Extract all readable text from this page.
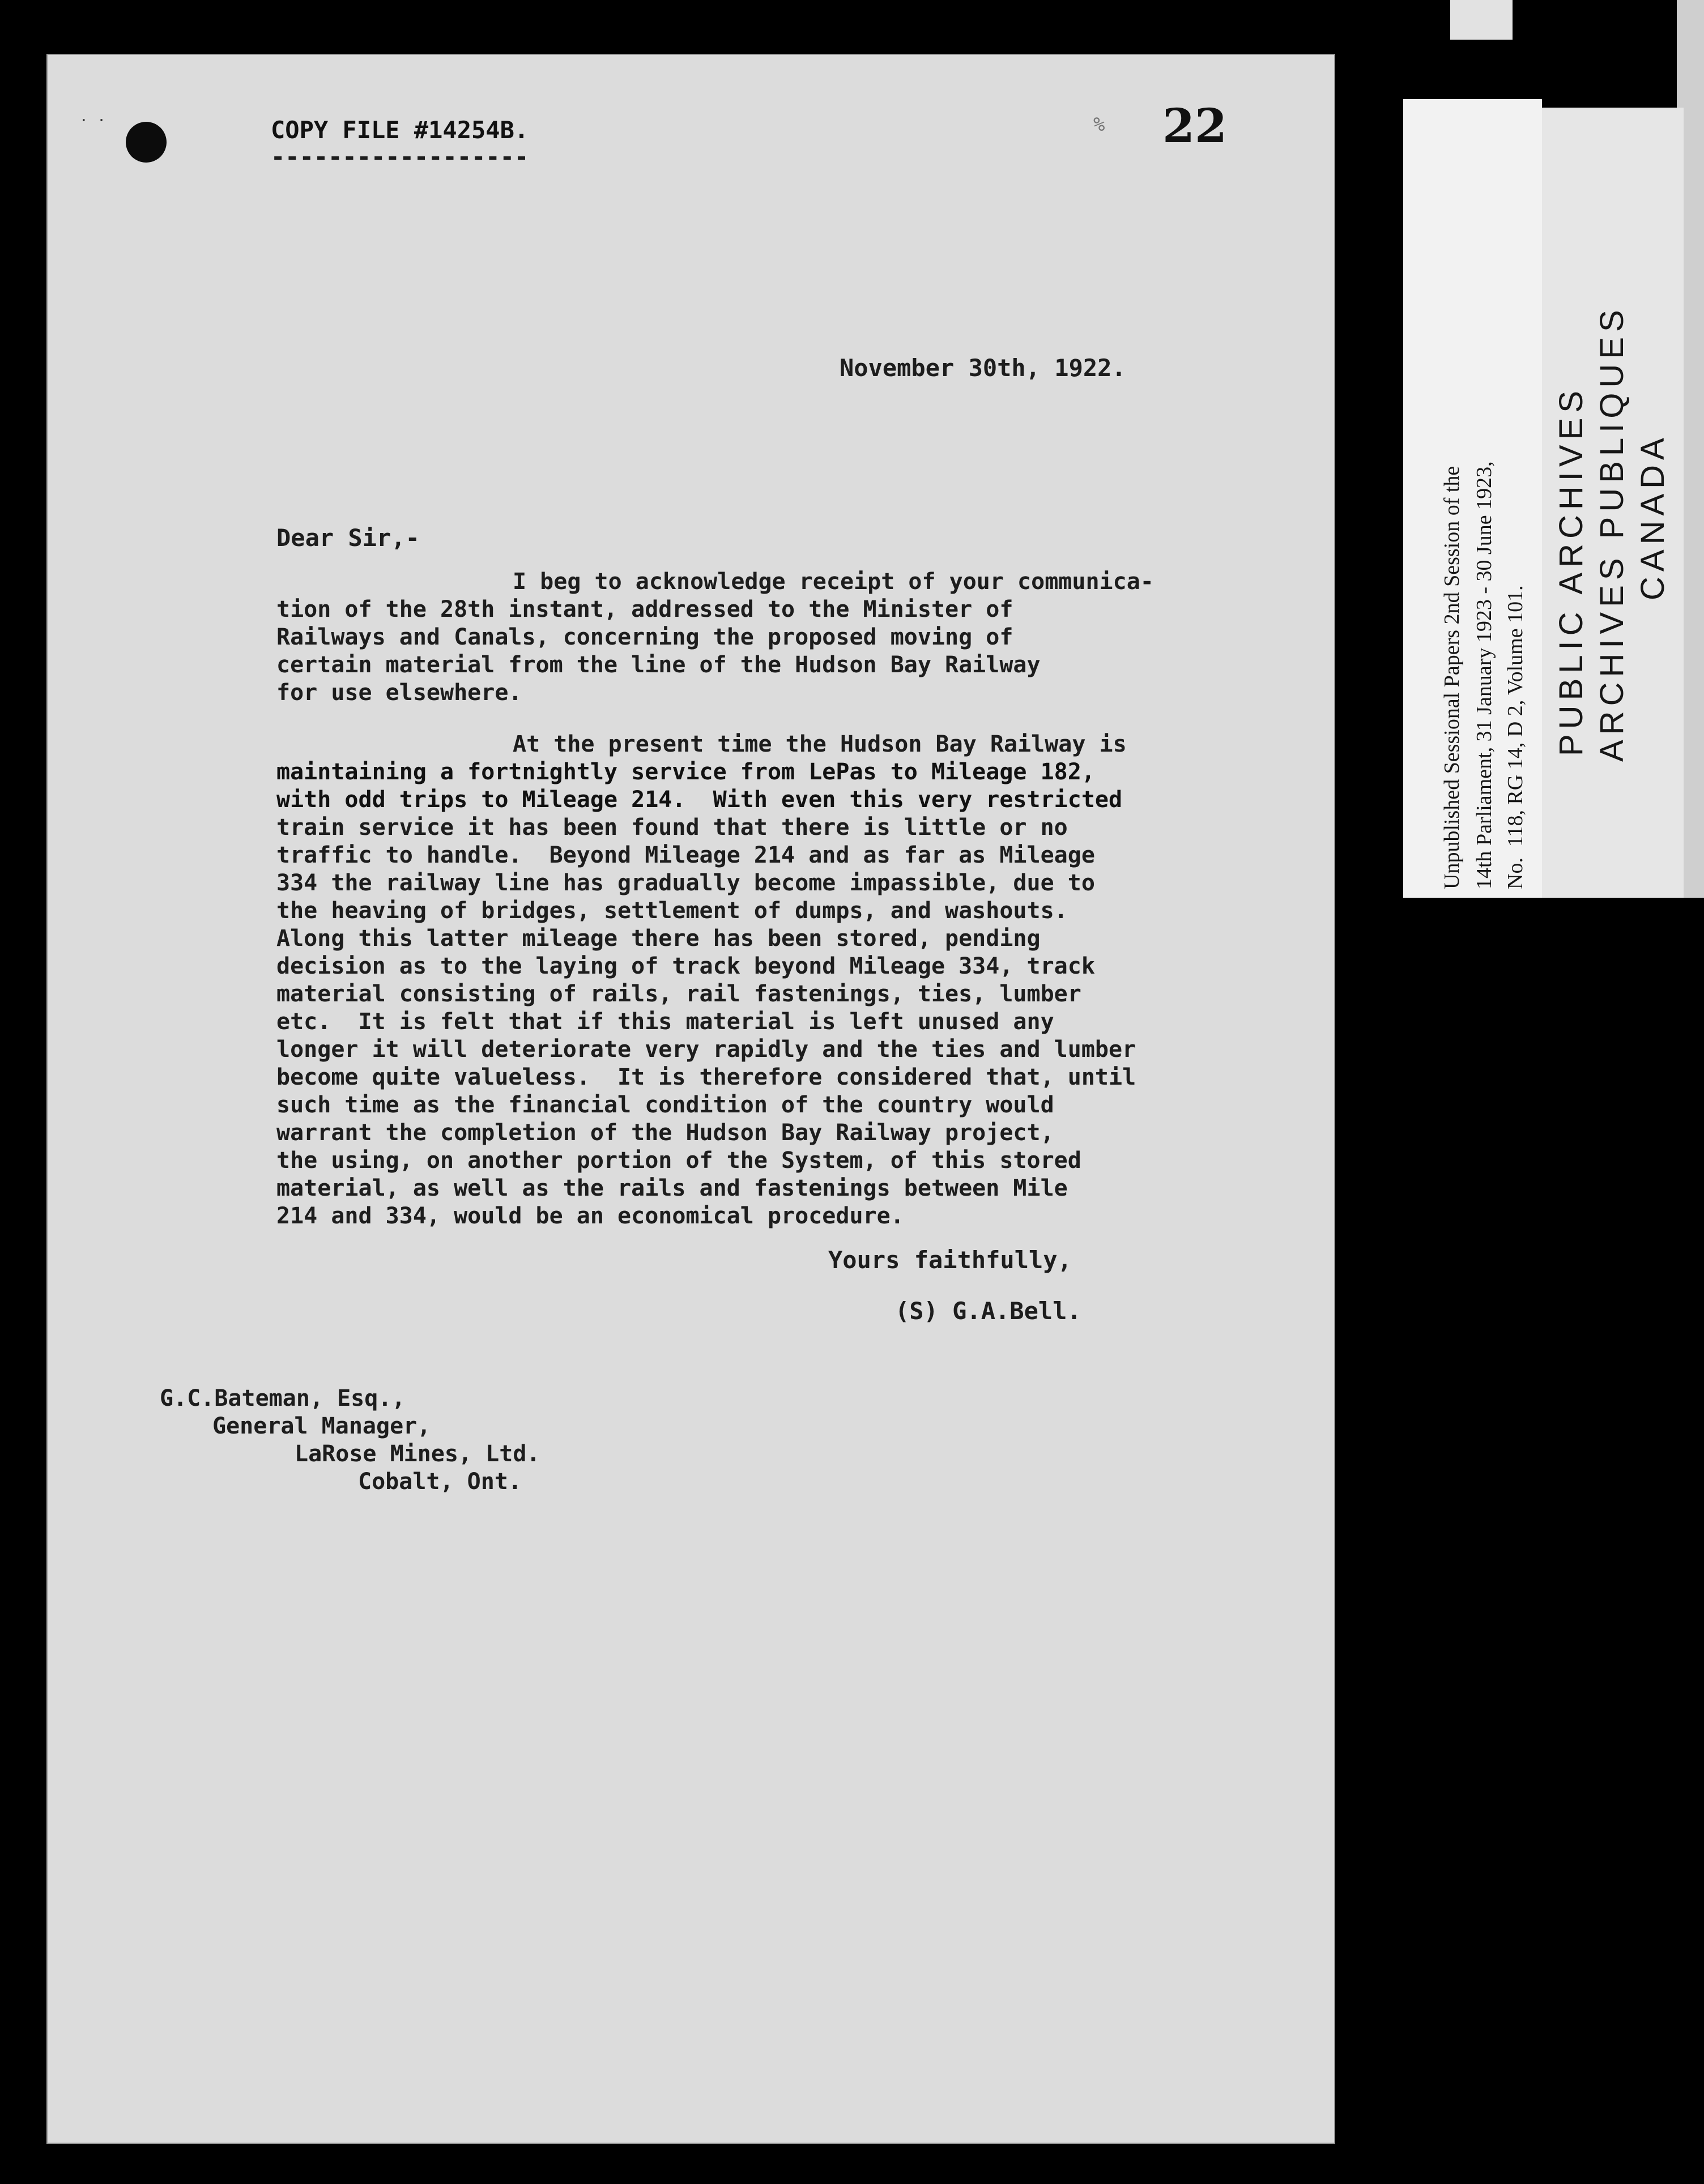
Unpublished Sessional Papers 2nd Session of the 14th Parliament, 31 January 1923 - 30 June 1923, No.  118, RG 14, D 2, Volume 101. PUBLIC ARCHIVES ARCHIVES PUBLIQUES CANADA
· ·	COPY FILE #14254B.
------------------
% 22
November 30th, 1922.
Dear Sir,-
I beg to acknowledge receipt of your communica-
tion of the 28th instant, addressed to the Minister of
Railways and Canals, concerning the proposed moving of
certain material from the line of the Hudson Bay Railway
for use elsewhere.
At the present time the Hudson Bay Railway is
maintaining a fortnightly service from LePas to Mileage 182,
with odd trips to Mileage 214.  With even this very restricted
train service it has been found that there is little or no
traffic to handle.  Beyond Mileage 214 and as far as Mileage
334 the railway line has gradually become impassible, due to
the heaving of bridges, settlement of dumps, and washouts.
Along this latter mileage there has been stored, pending
decision as to the laying of track beyond Mileage 334, track
material consisting of rails, rail fastenings, ties, lumber
etc.  It is felt that if this material is left unused any
longer it will deteriorate very rapidly and the ties and lumber
become quite valueless.  It is therefore considered that, until
such time as the financial condition of the country would
warrant the completion of the Hudson Bay Railway project,
the using, on another portion of the System, of this stored
material, as well as the rails and fastenings between Mile
214 and 334, would be an economical procedure.
Yours faithfully,
(S) G.A.Bell.
G.C.Bateman, Esq.,
General Manager,
LaRose Mines, Ltd.
Cobalt, Ont.
